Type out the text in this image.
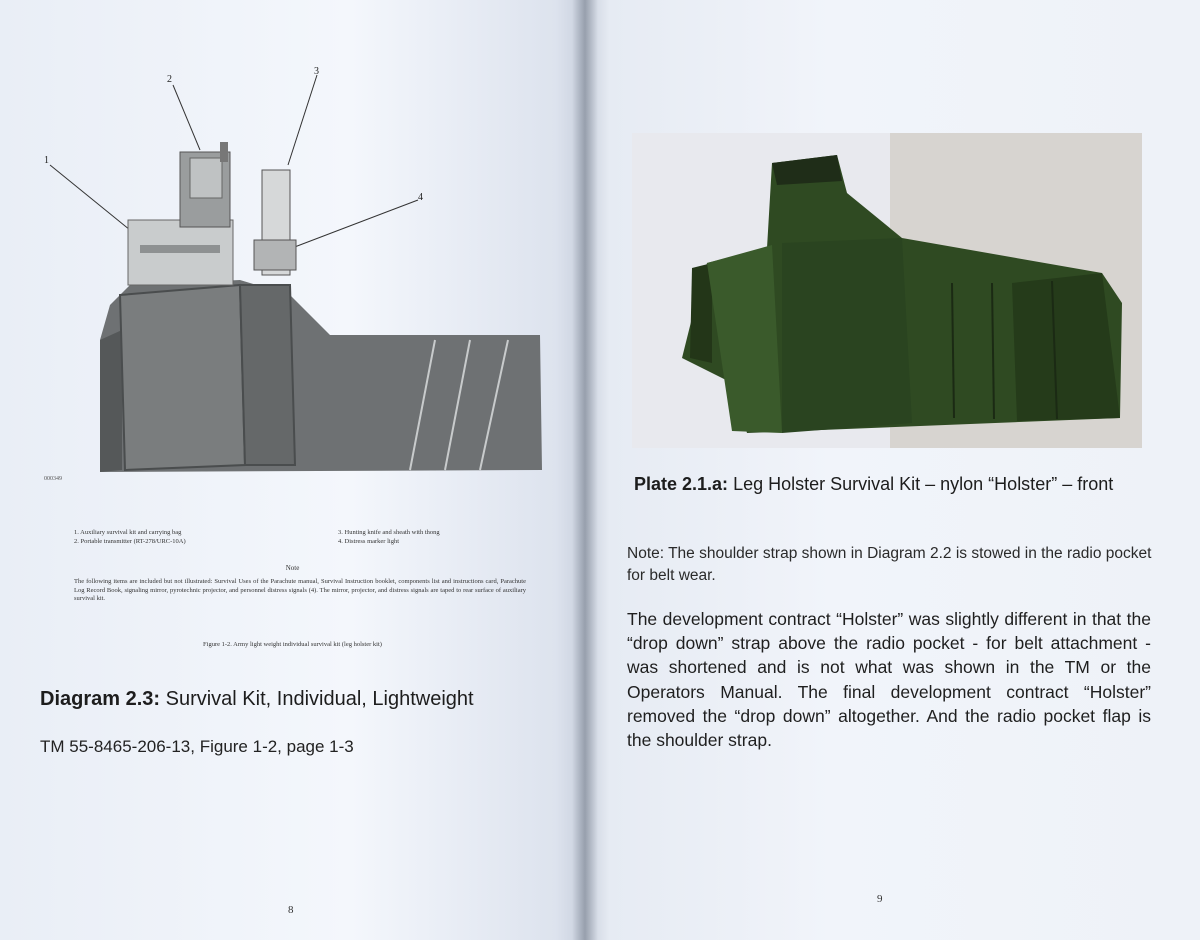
1
2
3
4
000349
1. Auxiliary survival kit and carrying bag
2. Portable transmitter (RT-278/URC-10A)
3. Hunting knife and sheath with thong
4. Distress marker light
Note
The following items are included but not illustrated: Survival Uses of the Parachute manual, Survival Instruction booklet, components list and instructions card, Parachute Log Record Book, signaling mirror, pyrotechnic projector, and personnel distress signals (4). The mirror, projector, and distress signals are taped to rear surface of auxiliary survival kit.
Figure 1-2. Army light weight individual survival kit (leg holster kit)
Diagram 2.3: Survival Kit, Individual, Lightweight
TM 55-8465-206-13, Figure 1-2, page 1-3
8
Plate 2.1.a: Leg Holster Survival Kit – nylon “Holster” – front
Note: The shoulder strap shown in Diagram 2.2 is stowed in the radio pocket for belt wear.
The development contract “Holster” was slightly different in that the “drop down” strap above the radio pocket - for belt attachment - was shortened and is not what was shown in the TM or the Operators Manual. The final development contract “Holster” removed the “drop down” altogether. And the radio pocket flap is the shoulder strap.
9
